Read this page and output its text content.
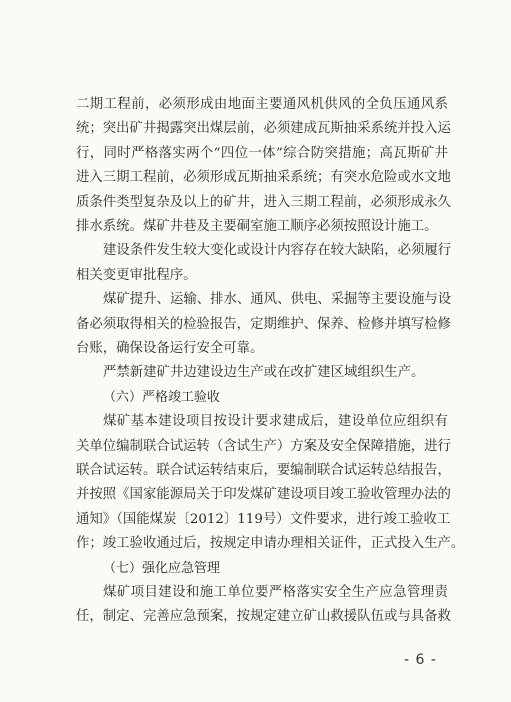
二期工程前，必须形成由地面主要通风机供风的全负压通风系
统；突出矿井揭露突出煤层前，必须建成瓦斯抽采系统并投入运
行，同时严格落实两个“四位一体”综合防突措施；高瓦斯矿井
进入三期工程前，必须形成瓦斯抽采系统；有突水危险或水文地
质条件类型复杂及以上的矿井，进入三期工程前，必须形成永久
排水系统。煤矿井巷及主要硐室施工顺序必须按照设计施工。
建设条件发生较大变化或设计内容存在较大缺陷，必须履行
相关变更审批程序。
煤矿提升、运输、排水、通风、供电、采掘等主要设施与设
备必须取得相关的检验报告，定期维护、保养、检修并填写检修
台账，确保设备运行安全可靠。
严禁新建矿井边建设边生产或在改扩建区域组织生产。
（六）严格竣工验收
煤矿基本建设项目按设计要求建成后，建设单位应组织有
关单位编制联合试运转（含试生产）方案及安全保障措施，进行
联合试运转。联合试运转结束后，要编制联合试运转总结报告，
并按照《国家能源局关于印发煤矿建设项目竣工验收管理办法的
通知》（国能煤炭〔2012〕119号）文件要求，进行竣工验收工
作；竣工验收通过后，按规定申请办理相关证件，正式投入生产。
（七）强化应急管理
煤矿项目建设和施工单位要严格落实安全生产应急管理责
任，制定、完善应急预案，按规定建立矿山救援队伍或与具备救
- 6 -
